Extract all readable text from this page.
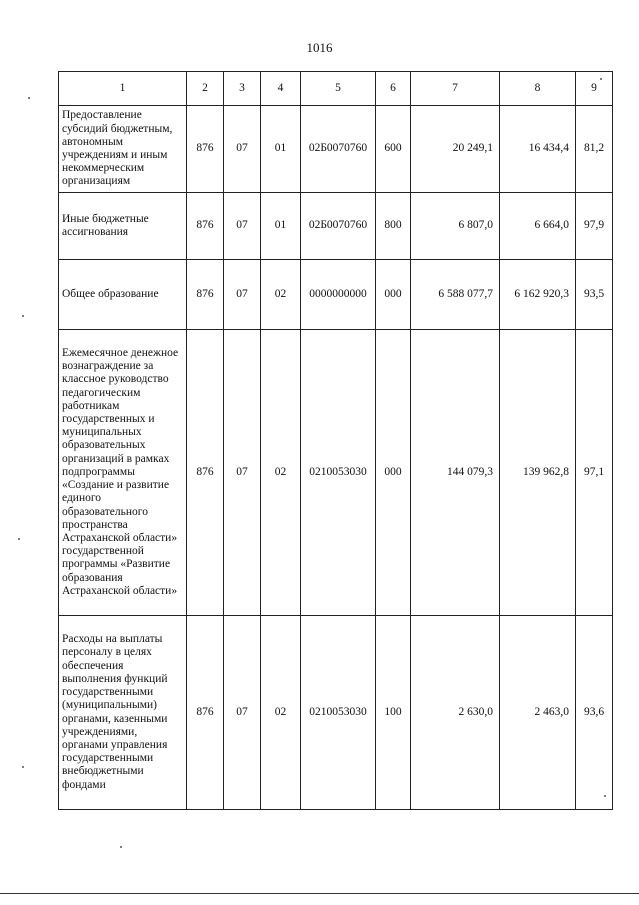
1016
1	2	3	4	5	6	7	8	9
Предоставление субсидий бюджетным, автономным учреждениям и иным некоммерческим организациям	876	07	01	02Б0070760	600	20 249,1	16 434,4	81,2
Иные бюджетные ассигнования	876	07	01	02Б0070760	800	6 807,0	6 664,0	97,9
Общее образование	876	07	02	0000000000	000	6 588 077,7	6 162 920,3	93,5
Ежемесячное денежное вознаграждение за классное руководство педагогическим работникам государственных и муниципальных образовательных организаций в рамках подпрограммы «Создание и развитие единого образовательного пространства Астраханской области» государственной программы «Развитие образования Астраханской области»	876	07	02	0210053030	000	144 079,3	139 962,8	97,1
Расходы на выплаты персоналу в целях обеспечения выполнения функций государственными (муниципальными) органами, казенными учреждениями, органами управления государственными внебюджетными фондами	876	07	02	0210053030	100	2 630,0	2 463,0	93,6
